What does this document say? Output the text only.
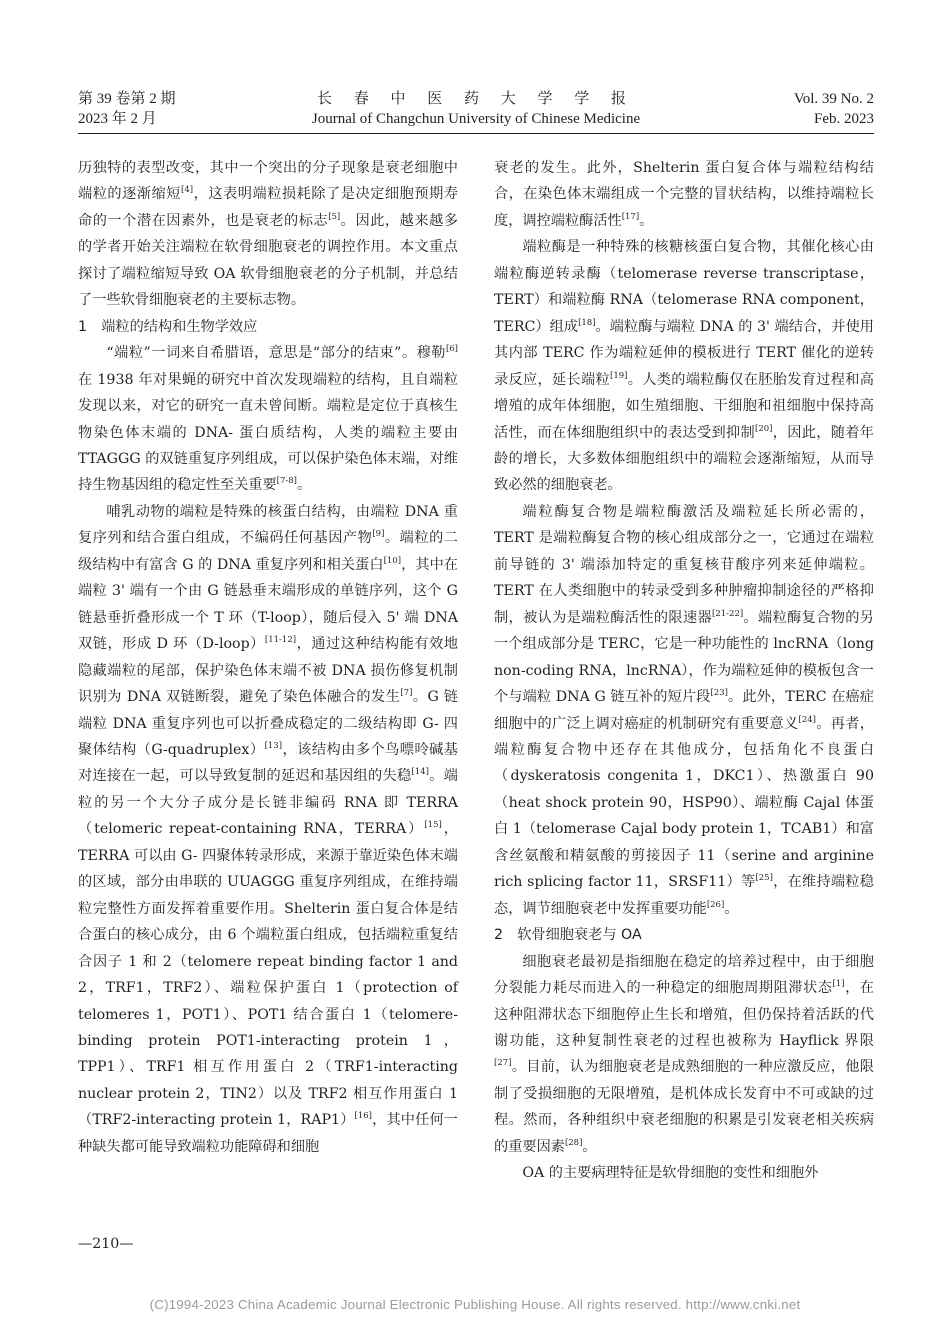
第 39 卷第 2 期
2023 年 2 月
长 春 中 医 药 大 学 学 报
Journal of Changchun University of Chinese Medicine
Vol. 39 No. 2
Feb. 2023

历独特的表型改变，其中一个突出的分子现象是衰老细胞中端粒的逐渐缩短[4]，这表明端粒损耗除了是决定细胞预期寿命的一个潜在因素外，也是衰老的标志[5]。因此，越来越多的学者开始关注端粒在软骨细胞衰老的调控作用。本文重点探讨了端粒缩短导致 OA 软骨细胞衰老的分子机制，并总结了一些软骨细胞衰老的主要标志物。

1　端粒的结构和生物学效应

“端粒”一词来自希腊语，意思是“部分的结束”。穆勒[6]在 1938 年对果蝇的研究中首次发现端粒的结构，且自端粒发现以来，对它的研究一直未曾间断。端粒是定位于真核生物染色体末端的 DNA- 蛋白质结构，人类的端粒主要由 TTAGGG 的双链重复序列组成，可以保护染色体末端，对维持生物基因组的稳定性至关重要[7-8]。

哺乳动物的端粒是特殊的核蛋白结构，由端粒 DNA 重复序列和结合蛋白组成，不编码任何基因产物[9]。端粒的二级结构中有富含 G 的 DNA 重复序列和相关蛋白[10]，其中在端粒 3' 端有一个由 G 链悬垂末端形成的单链序列，这个 G 链悬垂折叠形成一个 T 环（T-loop），随后侵入 5' 端 DNA 双链，形成 D 环（D-loop）[11-12]，通过这种结构能有效地隐藏端粒的尾部，保护染色体末端不被 DNA 损伤修复机制识别为 DNA 双链断裂，避免了染色体融合的发生[7]。G 链端粒 DNA 重复序列也可以折叠成稳定的二级结构即 G- 四聚体结构（G-quadruplex）[13]，该结构由多个鸟嘌呤碱基对连接在一起，可以导致复制的延迟和基因组的失稳[14]。端粒的另一个大分子成分是长链非编码 RNA 即 TERRA（telomeric repeat-containing RNA，TERRA）[15]，TERRA 可以由 G- 四聚体转录形成，来源于靠近染色体末端的区域，部分由串联的 UUAGGG 重复序列组成，在维持端粒完整性方面发挥着重要作用。Shelterin 蛋白复合体是结合蛋白的核心成分，由 6 个端粒蛋白组成，包括端粒重复结合因子 1 和 2（telomere repeat binding factor 1 and 2，TRF1，TRF2）、端粒保护蛋白 1（protection of telomeres 1，POT1）、POT1 结合蛋白 1（telomere-binding protein POT1-interacting protein 1，TPP1）、TRF1 相互作用蛋白 2（TRF1-interacting nuclear protein 2，TIN2）以及 TRF2 相互作用蛋白 1（TRF2-interacting protein 1，RAP1）[16]，其中任何一种缺失都可能导致端粒功能障碍和细胞

衰老的发生。此外，Shelterin 蛋白复合体与端粒结构结合，在染色体末端组成一个完整的冒状结构，以维持端粒长度，调控端粒酶活性[17]。

端粒酶是一种特殊的核糖核蛋白复合物，其催化核心由端粒酶逆转录酶（telomerase reverse transcriptase，TERT）和端粒酶 RNA（telomerase RNA component，TERC）组成[18]。端粒酶与端粒 DNA 的 3' 端结合，并使用其内部 TERC 作为端粒延伸的模板进行 TERT 催化的逆转录反应，延长端粒[19]。人类的端粒酶仅在胚胎发育过程和高增殖的成年体细胞，如生殖细胞、干细胞和祖细胞中保持高活性，而在体细胞组织中的表达受到抑制[20]，因此，随着年龄的增长，大多数体细胞组织中的端粒会逐渐缩短，从而导致必然的细胞衰老。

端粒酶复合物是端粒酶激活及端粒延长所必需的，TERT 是端粒酶复合物的核心组成部分之一，它通过在端粒前导链的 3' 端添加特定的重复核苷酸序列来延伸端粒。TERT 在人类细胞中的转录受到多种肿瘤抑制途径的严格抑制，被认为是端粒酶活性的限速器[21-22]。端粒酶复合物的另一个组成部分是 TERC，它是一种功能性的 lncRNA（long non-coding RNA，lncRNA），作为端粒延伸的模板包含一个与端粒 DNA G 链互补的短片段[23]。此外，TERC 在癌症细胞中的广泛上调对癌症的机制研究有重要意义[24]。再者，端粒酶复合物中还存在其他成分，包括角化不良蛋白（dyskeratosis congenita 1，DKC1）、热激蛋白 90（heat shock protein 90，HSP90）、端粒酶 Cajal 体蛋白 1（telomerase Cajal body protein 1，TCAB1）和富含丝氨酸和精氨酸的剪接因子 11（serine and arginine rich splicing factor 11，SRSF11）等[25]，在维持端粒稳态，调节细胞衰老中发挥重要功能[26]。

2　软骨细胞衰老与 OA

细胞衰老最初是指细胞在稳定的培养过程中，由于细胞分裂能力耗尽而进入的一种稳定的细胞周期阻滞状态[1]，在这种阻滞状态下细胞停止生长和增殖，但仍保持着活跃的代谢功能，这种复制性衰老的过程也被称为 Hayflick 界限[27]。目前，认为细胞衰老是成熟细胞的一种应激反应，他限制了受损细胞的无限增殖，是机体成长发育中不可或缺的过程。然而，各种组织中衰老细胞的积累是引发衰老相关疾病的重要因素[28]。

OA 的主要病理特征是软骨细胞的变性和细胞外

—210—
(C)1994-2023 China Academic Journal Electronic Publishing House. All rights reserved. http://www.cnki.net
